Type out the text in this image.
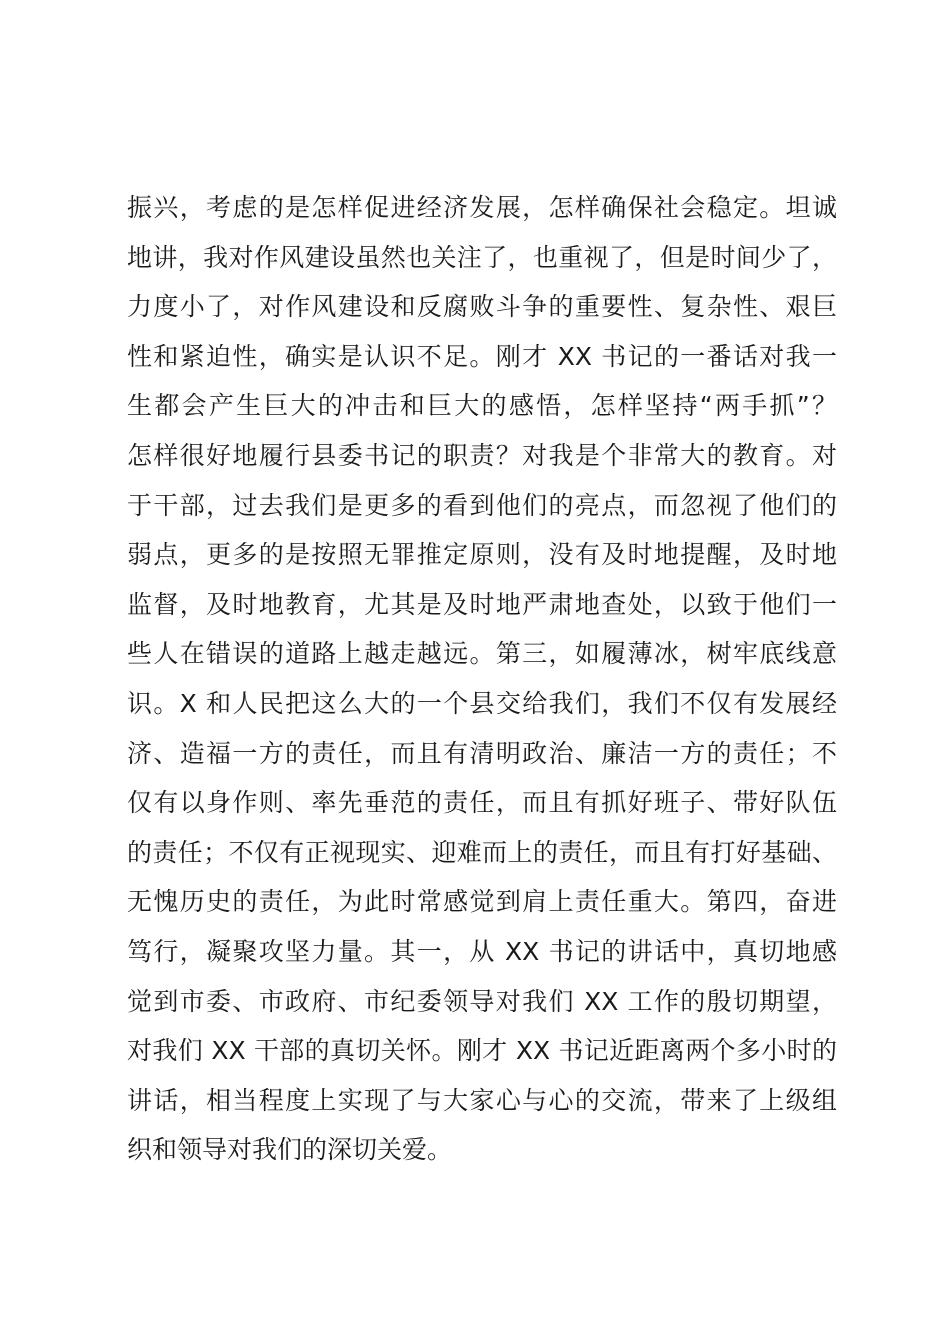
振兴，考虑的是怎样促进经济发展，怎样确保社会稳定。坦诚
地讲，我对作风建设虽然也关注了，也重视了，但是时间少了，
力度小了，对作风建设和反腐败斗争的重要性、复杂性、艰巨
性和紧迫性，确实是认识不足。刚才 XX 书记的一番话对我一
生都会产生巨大的冲击和巨大的感悟，怎样坚持“两手抓”？
怎样很好地履行县委书记的职责？对我是个非常大的教育。对
于干部，过去我们是更多的看到他们的亮点，而忽视了他们的
弱点，更多的是按照无罪推定原则，没有及时地提醒，及时地
监督，及时地教育，尤其是及时地严肃地查处，以致于他们一
些人在错误的道路上越走越远。第三，如履薄冰，树牢底线意
识。X 和人民把这么大的一个县交给我们，我们不仅有发展经
济、造福一方的责任，而且有清明政治、廉洁一方的责任；不
仅有以身作则、率先垂范的责任，而且有抓好班子、带好队伍
的责任；不仅有正视现实、迎难而上的责任，而且有打好基础、
无愧历史的责任，为此时常感觉到肩上责任重大。第四，奋进
笃行，凝聚攻坚力量。其一，从 XX 书记的讲话中，真切地感
觉到市委、市政府、市纪委领导对我们 XX 工作的殷切期望，
对我们 XX 干部的真切关怀。刚才 XX 书记近距离两个多小时的
讲话，相当程度上实现了与大家心与心的交流，带来了上级组
织和领导对我们的深切关爱。
